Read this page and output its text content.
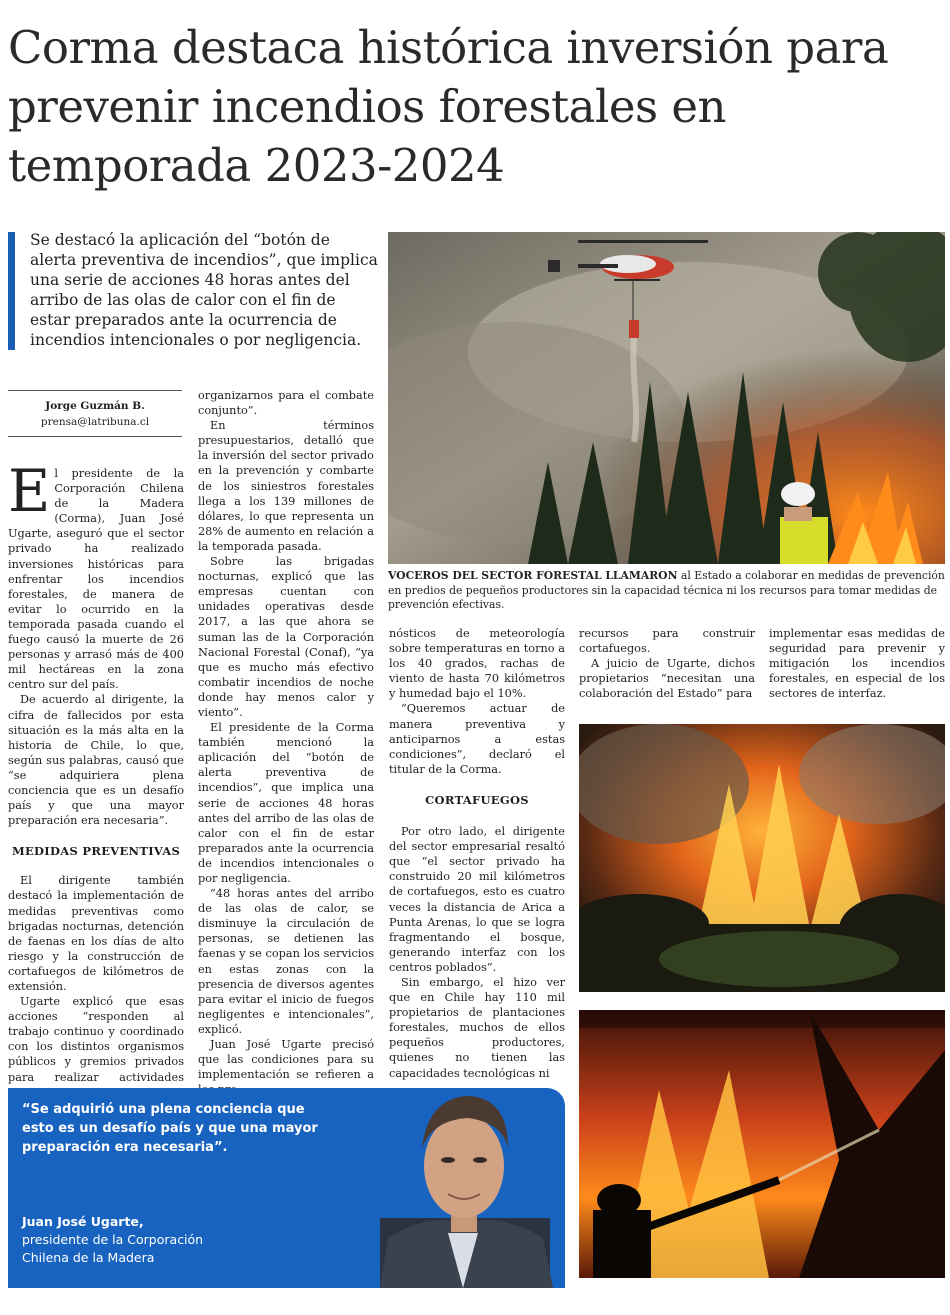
Corma destaca histórica inversión para prevenir incendios forestales en temporada 2023-2024
Se destacó la aplicación del “botón de alerta preventiva de incendios”, que implica una serie de acciones 48 horas antes del arribo de las olas de calor con el fin de estar preparados ante la ocurrencia de incendios intencionales o por negligencia.
Jorge Guzmán B.
prensa@latribuna.cl

El presidente de la Corporación Chilena de la Madera (Corma), Juan José Ugarte, aseguró que el sector privado ha realizado inversiones históricas para enfrentar los incendios forestales, de manera de evitar lo ocurrido en la temporada pasada cuando el fuego causó la muerte de 26 personas y arrasó más de 400 mil hectáreas en la zona centro sur del país.

De acuerdo al dirigente, la cifra de fallecidos por esta situación es la más alta en la historia de Chile, lo que, según sus palabras, causó que “se adquiriera plena conciencia que es un desafío país y que una mayor preparación era necesaria”.

MEDIDAS PREVENTIVAS

El dirigente también destacó la implementación de medidas preventivas como brigadas nocturnas, detención de faenas en los días de alto riesgo y la construcción de cortafuegos de kilómetros de extensión.

Ugarte explicó que esas acciones “responden al trabajo continuo y coordinado con los distintos organismos públicos y gremios privados para realizar actividades

organizarnos para el combate conjunto”.

En términos presupuestarios, detalló que la inversión del sector privado en la prevención y combarte de los siniestros forestales llega a los 139 millones de dólares, lo que representa un 28% de aumento en relación a la temporada pasada.

Sobre las brigadas nocturnas, explicó que las empresas cuentan con unidades operativas desde 2017, a las que ahora se suman las de la Corporación Nacional Forestal (Conaf), “ya que es mucho más efectivo combatir incendios de noche donde hay menos calor y viento”.

El presidente de la Corma también mencionó la aplicación del “botón de alerta preventiva de incendios”, que implica una serie de acciones 48 horas antes del arribo de las olas de calor con el fin de estar preparados ante la ocurrencia de incendios intencionales o por negligencia.

“48 horas antes del arribo de las olas de calor, se disminuye la circulación de personas, se detienen las faenas y se copan los servicios en estas zonas con la presencia de diversos agentes para evitar el inicio de fuegos negligentes e intencionales”, explicó.

Juan José Ugarte precisó que las condiciones para su implementación se refieren a

VOCEROS DEL SECTOR FORESTAL LLAMARON al Estado a colaborar en medidas de prevención en predios de pequeños productores sin la capacidad técnica ni los recursos para tomar medidas de prevención efectivas.

nósticos de meteorología sobre temperaturas en torno a los 40 grados, rachas de viento de hasta 70 kilómetros y humedad bajo el 10%.

“Queremos actuar de manera preventiva y anticiparnos a estas condiciones”, declaró el titular de la Corma.

CORTAFUEGOS

Por otro lado, el dirigente del sector empresarial resaltó que “el sector privado ha construido 20 mil kilómetros de cortafuegos, esto es cuatro veces la distancia de Arica a Punta Arenas, lo que se logra fragmentando el bosque, generando interfaz con los centros poblados”.

Sin embargo, el hizo ver que en Chile hay 110 mil propietarios de plantaciones forestales, muchos de ellos pequeños productores, quienes no tienen las capacidades tecnológicas ni

recursos para construir cortafuegos.

A juicio de Ugarte, dichos propietarios “necesitan una colaboración del Estado” para

implementar esas medidas de seguridad para prevenir y mitigación los incendios forestales, en especial de los sectores de interfaz.

“Se adquirió una plena conciencia que esto es un desafío país y que una mayor preparación era necesaria”.
Juan José Ugarte,
presidente de la Corporación Chilena de la Madera
